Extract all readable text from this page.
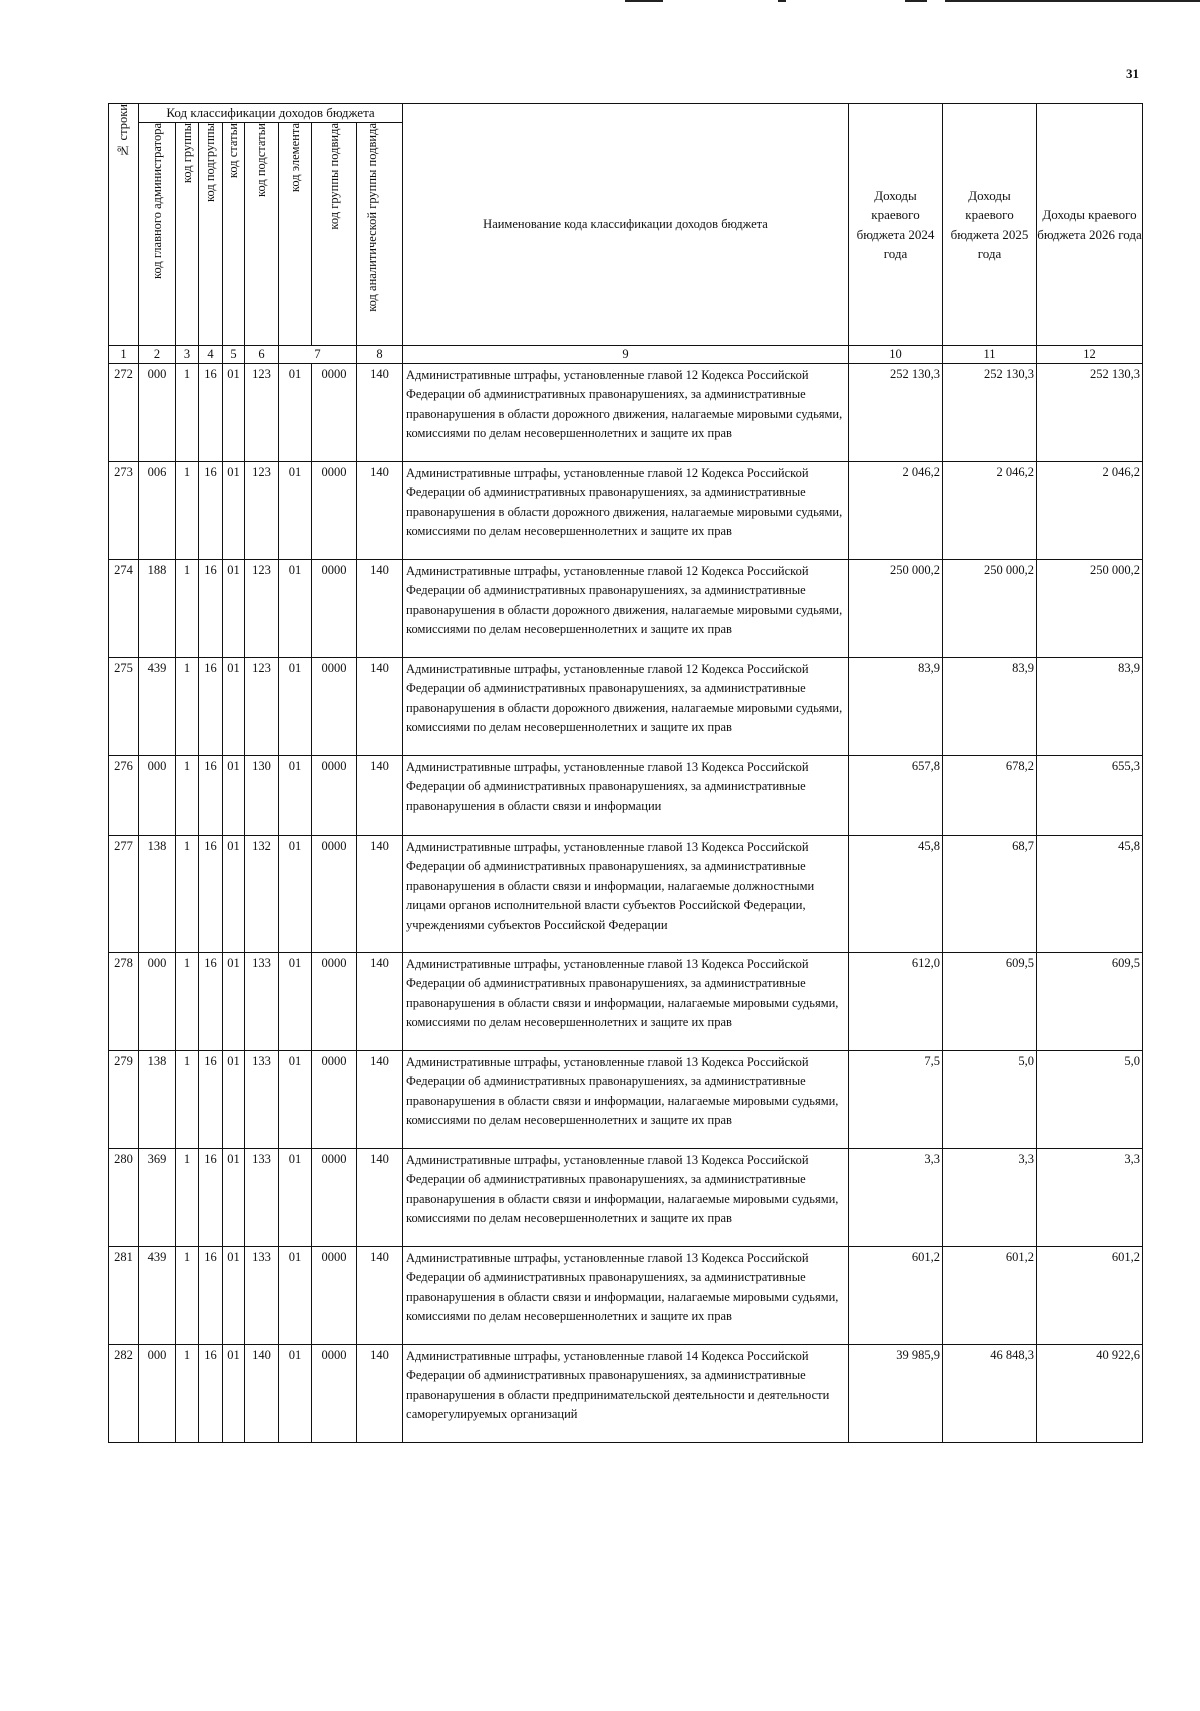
31
№ строки	Код классификации доходов бюджета								Наименование кода классификации доходов бюджета	Доходы краевого бюджета 2024 года	Доходы краевого бюджета 2025 года	Доходы краевого бюджета 2026 года

	код главного администратора	код группы	код подгруппы	код статьи	код подстатьи	код элемента	код группы подвида	код аналитической группы подвида				

1	2	3	4	5	6	7		8	9	10	11	12
272	000	1	16	01	123	01	0000	140	Административные штрафы, установленные главой 12 Кодекса Российской Федерации об административных правонарушениях, за административные правонарушения в области дорожного движения, налагаемые мировыми судьями, комиссиями по делам несовершеннолетних и защите их прав	252 130,3	252 130,3	252 130,3
273	006	1	16	01	123	01	0000	140	Административные штрафы, установленные главой 12 Кодекса Российской Федерации об административных правонарушениях, за административные правонарушения в области дорожного движения, налагаемые мировыми судьями, комиссиями по делам несовершеннолетних и защите их прав	2 046,2	2 046,2	2 046,2
274	188	1	16	01	123	01	0000	140	Административные штрафы, установленные главой 12 Кодекса Российской Федерации об административных правонарушениях, за административные правонарушения в области дорожного движения, налагаемые мировыми судьями, комиссиями по делам несовершеннолетних и защите их прав	250 000,2	250 000,2	250 000,2
275	439	1	16	01	123	01	0000	140	Административные штрафы, установленные главой 12 Кодекса Российской Федерации об административных правонарушениях, за административные правонарушения в области дорожного движения, налагаемые мировыми судьями, комиссиями по делам несовершеннолетних и защите их прав	83,9	83,9	83,9
276	000	1	16	01	130	01	0000	140	Административные штрафы, установленные главой 13 Кодекса Российской Федерации об административных правонарушениях, за административные правонарушения в области связи и информации	657,8	678,2	655,3
277	138	1	16	01	132	01	0000	140	Административные штрафы, установленные главой 13 Кодекса Российской Федерации об административных правонарушениях, за административные правонарушения в области связи и информации, налагаемые должностными лицами органов исполнительной власти субъектов Российской Федерации, учреждениями субъектов Российской Федерации	45,8	68,7	45,8
278	000	1	16	01	133	01	0000	140	Административные штрафы, установленные главой 13 Кодекса Российской Федерации об административных правонарушениях, за административные правонарушения в области связи и информации, налагаемые мировыми судьями, комиссиями по делам несовершеннолетних и защите их прав	612,0	609,5	609,5
279	138	1	16	01	133	01	0000	140	Административные штрафы, установленные главой 13 Кодекса Российской Федерации об административных правонарушениях, за административные правонарушения в области связи и информации, налагаемые мировыми судьями, комиссиями по делам несовершеннолетних и защите их прав	7,5	5,0	5,0
280	369	1	16	01	133	01	0000	140	Административные штрафы, установленные главой 13 Кодекса Российской Федерации об административных правонарушениях, за административные правонарушения в области связи и информации, налагаемые мировыми судьями, комиссиями по делам несовершеннолетних и защите их прав	3,3	3,3	3,3
281	439	1	16	01	133	01	0000	140	Административные штрафы, установленные главой 13 Кодекса Российской Федерации об административных правонарушениях, за административные правонарушения в области связи и информации, налагаемые мировыми судьями, комиссиями по делам несовершеннолетних и защите их прав	601,2	601,2	601,2
282	000	1	16	01	140	01	0000	140	Административные штрафы, установленные главой 14 Кодекса Российской Федерации об административных правонарушениях, за административные правонарушения в области предпринимательской деятельности и деятельности саморегулируемых организаций	39 985,9	46 848,3	40 922,6
